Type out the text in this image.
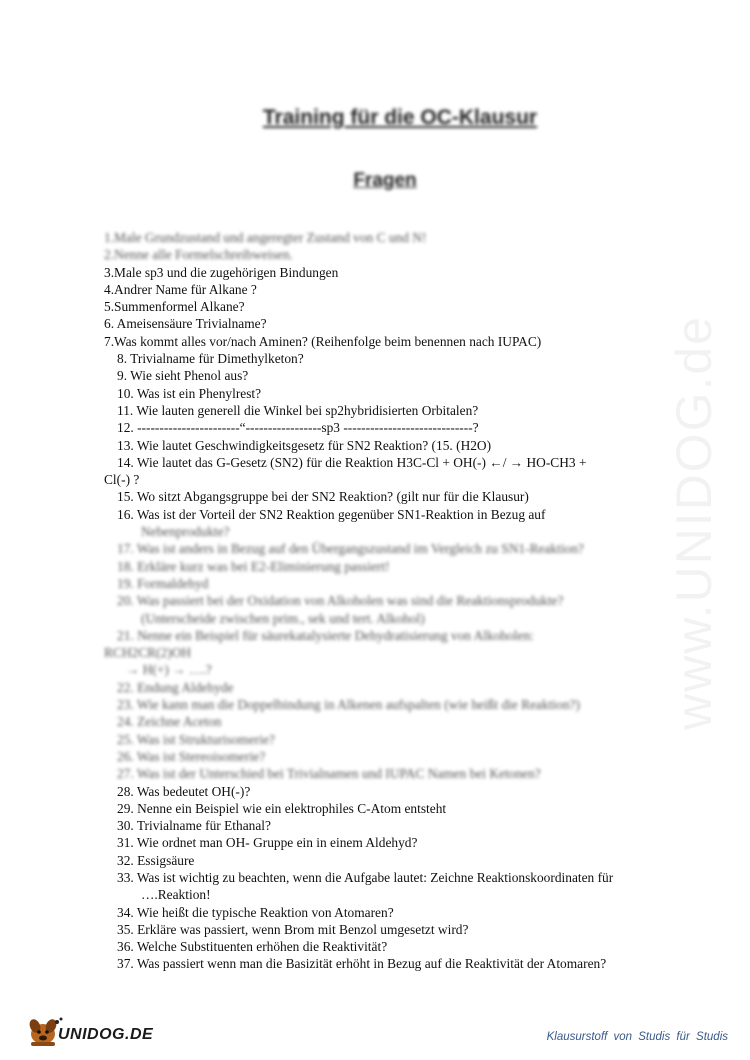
Training für die OC-Klausur
Fragen
www.UNIDOG.de
1.Male Grundzustand und angeregter Zustand von C und N!
2.Nenne alle Formelschreibweisen.
3.Male sp3 und die zugehörigen Bindungen
4.Andrer Name für Alkane ?
5.Summenformel Alkane?
6. Ameisensäure Trivialname?
7.Was kommt alles vor/nach Aminen? (Reihenfolge beim benennen nach IUPAC)
8. Trivialname für Dimethylketon?
9. Wie sieht Phenol aus?
10. Was ist ein Phenylrest?
11. Wie lauten generell die Winkel bei sp2hybridisierten Orbitalen?
12. -----------------------“-----------------sp3 -----------------------------?
13. Wie lautet Geschwindigkeitsgesetz für SN2 Reaktion? (15. (H2O)
14. Wie lautet das G-Gesetz (SN2) für die Reaktion H3C-Cl + OH(-) ←/ → HO-CH3 +
Cl(-) ?
15. Wo sitzt Abgangsgruppe bei der SN2 Reaktion? (gilt nur für die Klausur)
16. Was ist der Vorteil der SN2 Reaktion gegenüber SN1-Reaktion in Bezug auf
Nebenprodukte?
17. Was ist anders in Bezug auf den Übergangszustand im Vergleich zu SN1-Reaktion?
18. Erkläre kurz was bei E2-Eliminierung passiert!
19. Formaldehyd
20. Was passiert bei der Oxidation von Alkoholen was sind die Reaktionsprodukte?
(Unterscheide zwischen prim., sek und tert. Alkohol)
21. Nenne ein Beispiel für säurekatalysierte Dehydratisierung von Alkoholen:
RCH2CR(2)OH
→ H(+) → ….?
22. Endung Aldehyde
23. Wie kann man die Doppelbindung in Alkenen aufspalten (wie heißt die Reaktion?)
24. Zeichne Aceton
25. Was ist Strukturisomerie?
26. Was ist Stereoisomerie?
27. Was ist der Unterschied bei Trivialnamen und IUPAC Namen bei Ketonen?
28. Was bedeutet OH(-)?
29. Nenne ein Beispiel wie ein elektrophiles C-Atom entsteht
30. Trivialname für Ethanal?
31. Wie ordnet man OH- Gruppe ein in einem Aldehyd?
32. Essigsäure
33. Was ist wichtig zu beachten, wenn die Aufgabe lautet: Zeichne Reaktionskoordinaten für
….Reaktion!
34. Wie heißt die typische Reaktion von Atomaren?
35. Erkläre was passiert, wenn Brom mit Benzol umgesetzt wird?
36. Welche Substituenten erhöhen die Reaktivität?
37. Was passiert wenn man die Basizität erhöht in Bezug auf die Reaktivität der Atomaren?
UNIDOG.DE	Klausurstoff von Studis für Studis
